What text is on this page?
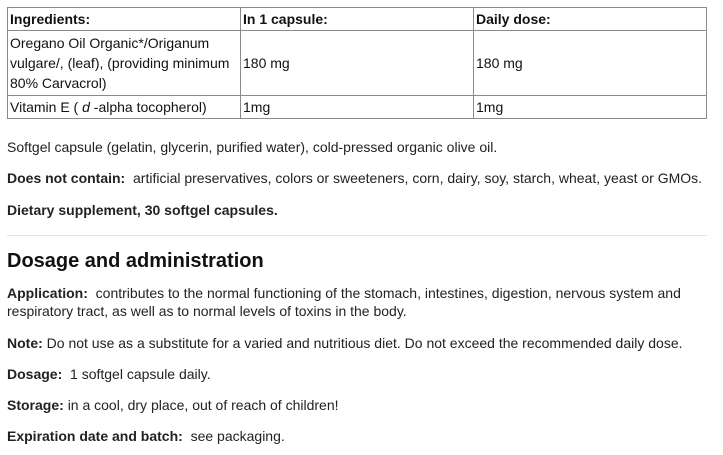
Ingredients:	In 1 capsule:	Daily dose:
Oregano Oil Organic*/Origanum vulgare/, (leaf), (providing minimum 80% Carvacrol)	180 mg	180 mg
Vitamin E ( d -alpha tocopherol)	1mg	1mg

Softgel capsule (gelatin, glycerin, purified water), cold-pressed organic olive oil.

Does not contain: artificial preservatives, colors or sweeteners, corn, dairy, soy, starch, wheat, yeast or GMOs.

Dietary supplement, 30 softgel capsules.

Dosage and administration

Application: contributes to the normal functioning of the stomach, intestines, digestion, nervous system and respiratory tract, as well as to normal levels of toxins in the body.

Note: Do not use as a substitute for a varied and nutritious diet. Do not exceed the recommended daily dose.

Dosage: 1 softgel capsule daily.

Storage: in a cool, dry place, out of reach of children!

Expiration date and batch: see packaging.
